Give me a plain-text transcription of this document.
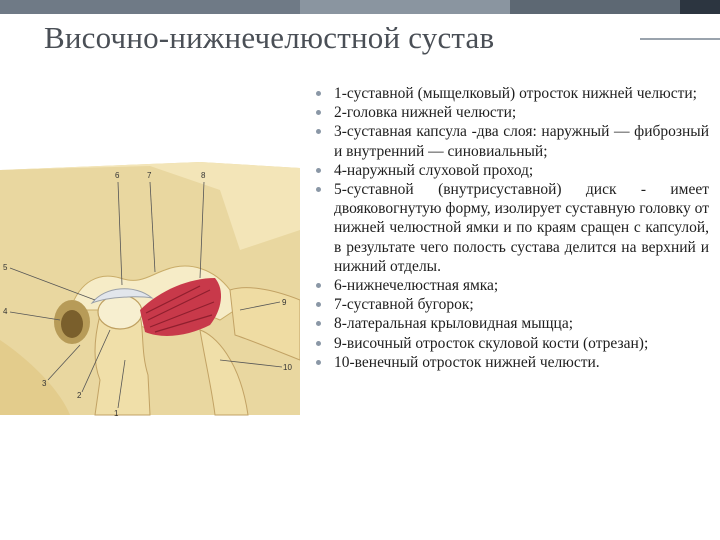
Височно-нижнечелюстной сустав
6	7	8
5
4
9
10
3
2
1
1-суставной (мыщелковый) отросток нижней челюсти;
2-головка нижней челюсти;
3-суставная капсула -два слоя: наружный — фиброзный и внутренний — синовиальный;
4-наружный слуховой проход;
5-суставной (внутрисуставной) диск - имеет двояковогнутую форму, изолирует суставную головку от нижней челюстной ямки и по краям сращен с капсулой, в результате чего полость сустава делится на верхний и нижний отделы.
6-нижнечелюстная ямка;
7-суставной бугорок;
8-латеральная крыловидная мыщца;
9-височный отросток скуловой кости (отрезан);
10-венечный отросток нижней челюсти.
